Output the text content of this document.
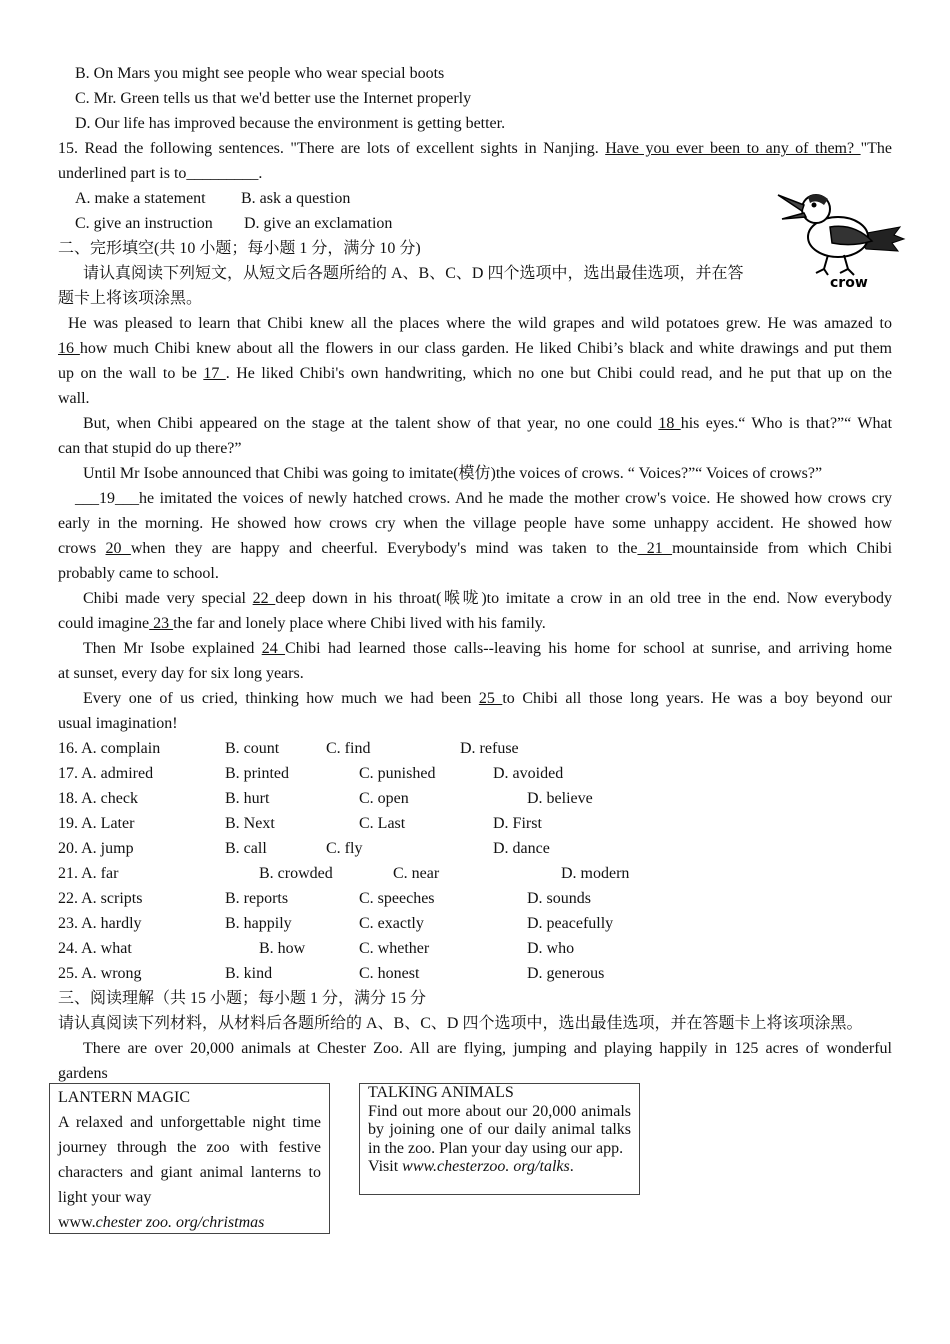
B. On Mars you might see people who wear special boots
C. Mr. Green tells us that we'd better use the Internet properly
D. Our life has improved because the environment is getting better.
15. Read the following sentences. "There are lots of excellent sights in Nanjing. Have you ever been to any of them? "The
underlined part is to_________.
A. make a statement B. ask a question
C. give an instruction D. give an exclamation
crow
二、完形填空(共 10 小题；每小题 1 分，满分 10 分)
请认真阅读下列短文，从短文后各题所给的 A、B、C、D 四个选项中，选出最佳选项，并在答
题卡上将该项涂黑。
He was pleased to learn that Chibi knew all the places where the wild grapes and wild potatoes grew. He was amazed to
16 how much Chibi knew about all the flowers in our class garden. He liked Chibi’s black and white drawings and put them
up on the wall to be 17 . He liked Chibi's own handwriting, which no one but Chibi could read, and he put that up on the
wall.
But, when Chibi appeared on the stage at the talent show of that year, no one could 18 his eyes.“ Who is that?”“ What
can that stupid do up there?”
Until Mr Isobe announced that Chibi was going to imitate(模仿)the voices of crows. “ Voices?”“ Voices of crows?”
___19___he imitated the voices of newly hatched crows. And he made the mother crow's voice. He showed how crows cry
early in the morning. He showed how crows cry when the village people have some unhappy accident. He showed how
crows 20 when they are happy and cheerful. Everybody's mind was taken to the 21 mountainside from which Chibi
probably came to school.
Chibi made very special 22 deep down in his throat(喉咙)to imitate a crow in an old tree in the end. Now everybody
could imagine 23 the far and lonely place where Chibi lived with his family.
Then Mr Isobe explained 24 Chibi had learned those calls--leaving his home for school at sunrise, and arriving home
at sunset, every day for six long years.
Every one of us cried, thinking how much we had been 25 to Chibi all those long years. He was a boy beyond our
usual imagination!
16. A. complain	B. count	C. find	D. refuse
17. A. admired	B. printed	C. punished	D. avoided
18. A. check	B. hurt	C. open	D. believe
19. A. Later	B. Next	C. Last	D. First
20. A. jump	B. call	C. fly	D. dance
21. A. far	B. crowded	C. near	D. modern
22. A. scripts	B. reports	C. speeches	D. sounds
23. A. hardly	B. happily	C. exactly	D. peacefully
24. A. what	B. how	C. whether	D. who
25. A. wrong	B. kind	C. honest	D. generous
三、阅读理解（共 15 小题；每小题 1 分，满分 15 分
请认真阅读下列材料，从材料后各题所给的 A、B、C、D 四个选项中，选出最佳选项，并在答题卡上将该项涂黑。
There are over 20,000 animals at Chester Zoo. All are flying, jumping and playing happily in 125 acres of wonderful
gardens

LANTERN MAGIC

A relaxed and unforgettable night time journey through the zoo with festive characters and giant animal lanterns to light your way

www.chester zoo. org/christmas

TALKING ANIMALS

Find out more about our 20,000 animals by joining one of our daily animal talks in the zoo. Plan your day using our app.

Visit www.chesterzoo. org/talks.
